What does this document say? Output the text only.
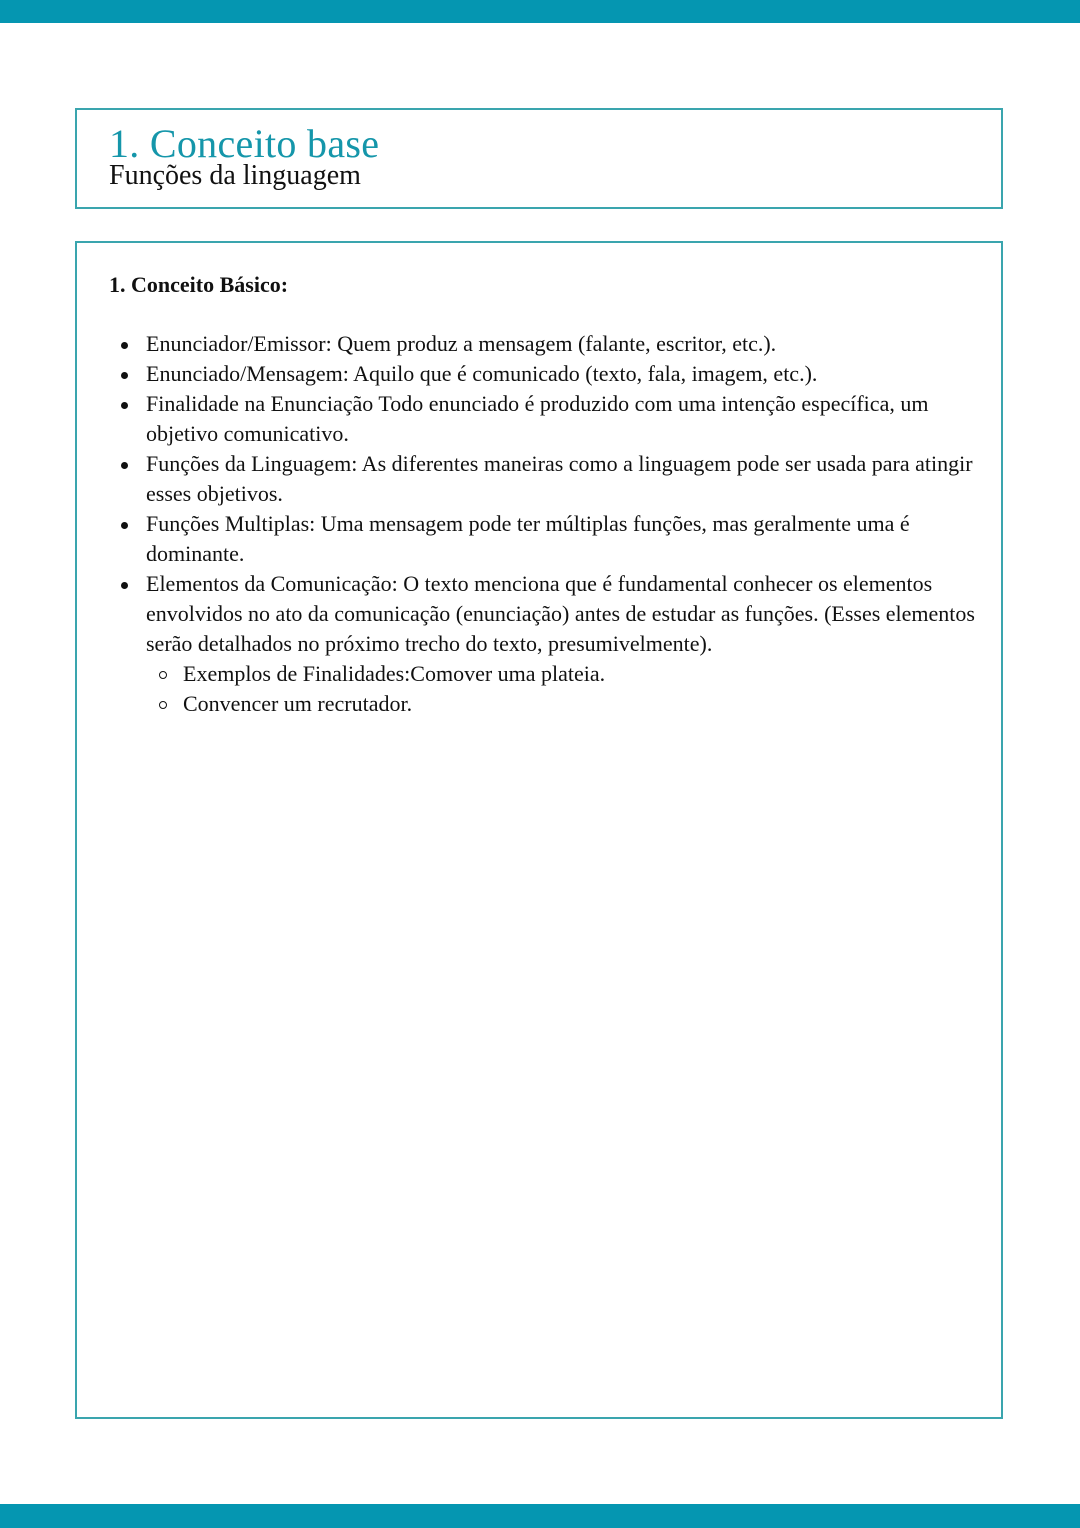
1. Conceito base
Funções da linguagem
1. Conceito Básico:
Enunciador/Emissor: Quem produz a mensagem (falante, escritor, etc.).
Enunciado/Mensagem: Aquilo que é comunicado (texto, fala, imagem, etc.).
Finalidade na Enunciação Todo enunciado é produzido com uma intenção específica, um objetivo comunicativo.
Funções da Linguagem: As diferentes maneiras como a linguagem pode ser usada para atingir esses objetivos.
Funções Multiplas: Uma mensagem pode ter múltiplas funções, mas geralmente uma é dominante.
Elementos da Comunicação: O texto menciona que é fundamental conhecer os elementos envolvidos no ato da comunicação (enunciação) antes de estudar as funções. (Esses elementos serão detalhados no próximo trecho do texto, presumivelmente).
Exemplos de Finalidades:Comover uma plateia.
Convencer um recrutador.
